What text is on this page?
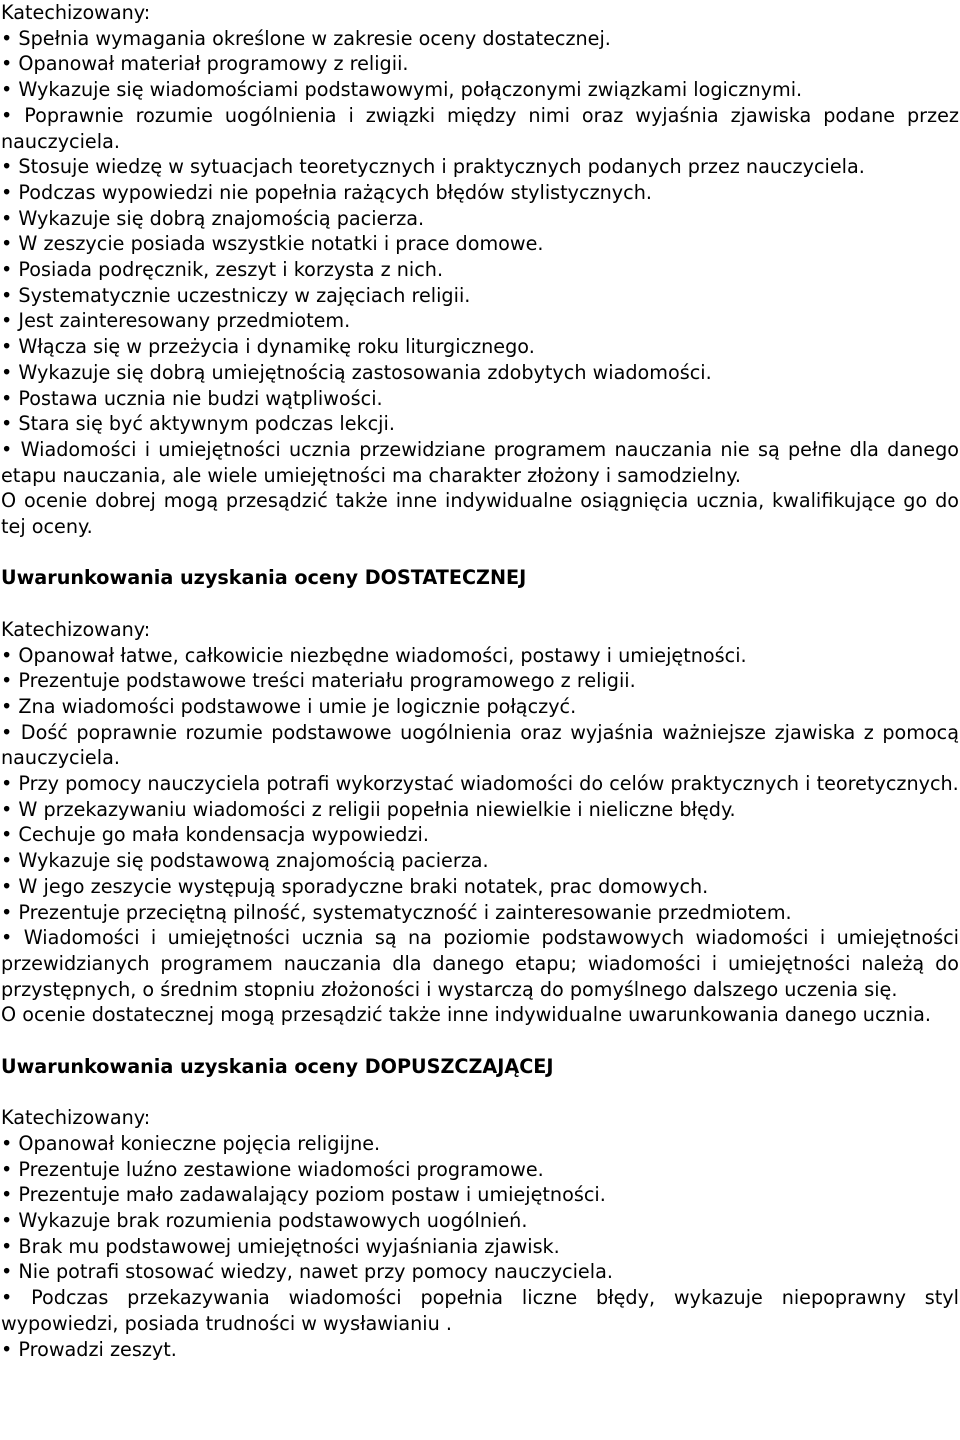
Katechizowany:

• Spełnia wymagania określone w zakresie oceny dostatecznej.

• Opanował materiał programowy z religii.

• Wykazuje się wiadomościami podstawowymi, połączonymi związkami logicznymi.

• Poprawnie rozumie uogólnienia i związki między nimi oraz wyjaśnia zjawiska podane przez nauczyciela.

• Stosuje wiedzę w sytuacjach teoretycznych i praktycznych podanych przez nauczyciela.

• Podczas wypowiedzi nie popełnia rażących błędów stylistycznych.

• Wykazuje się dobrą znajomością pacierza.

• W zeszycie posiada wszystkie notatki i prace domowe.

• Posiada podręcznik, zeszyt i korzysta z nich.

• Systematycznie uczestniczy w zajęciach religii.

• Jest zainteresowany przedmiotem.

• Włącza się w przeżycia i dynamikę roku liturgicznego.

• Wykazuje się dobrą umiejętnością zastosowania zdobytych wiadomości.

• Postawa ucznia nie budzi wątpliwości.

• Stara się być aktywnym podczas lekcji.

• Wiadomości i umiejętności ucznia przewidziane programem nauczania nie są pełne dla danego etapu nauczania, ale wiele umiejętności ma charakter złożony i samodzielny.

O ocenie dobrej mogą przesądzić także inne indywidualne osiągnięcia ucznia, kwalifikujące go do tej oceny.

Uwarunkowania uzyskania oceny DOSTATECZNEJ

Katechizowany:

• Opanował łatwe, całkowicie niezbędne wiadomości, postawy i umiejętności.

• Prezentuje podstawowe treści materiału programowego z religii.

• Zna wiadomości podstawowe i umie je logicznie połączyć.

• Dość poprawnie rozumie podstawowe uogólnienia oraz wyjaśnia ważniejsze zjawiska z pomocą nauczyciela.

• Przy pomocy nauczyciela potrafi wykorzystać wiadomości do celów praktycznych i teoretycznych.

• W przekazywaniu wiadomości z religii popełnia niewielkie i nieliczne błędy.

• Cechuje go mała kondensacja wypowiedzi.

• Wykazuje się podstawową znajomością pacierza.

• W jego zeszycie występują sporadyczne braki notatek, prac domowych.

• Prezentuje przeciętną pilność, systematyczność i zainteresowanie przedmiotem.

• Wiadomości i umiejętności ucznia są na poziomie podstawowych wiadomości i umiejętności przewidzianych programem nauczania dla danego etapu; wiadomości i umiejętności należą do przystępnych, o średnim stopniu złożoności i wystarczą do pomyślnego dalszego uczenia się.

O ocenie dostatecznej mogą przesądzić także inne indywidualne uwarunkowania danego ucznia.

Uwarunkowania uzyskania oceny DOPUSZCZAJĄCEJ

Katechizowany:

• Opanował konieczne pojęcia religijne.

• Prezentuje luźno zestawione wiadomości programowe.

• Prezentuje mało zadawalający poziom postaw i umiejętności.

• Wykazuje brak rozumienia podstawowych uogólnień.

• Brak mu podstawowej umiejętności wyjaśniania zjawisk.

• Nie potrafi stosować wiedzy, nawet przy pomocy nauczyciela.

• Podczas przekazywania wiadomości popełnia liczne błędy, wykazuje niepoprawny styl wypowiedzi, posiada trudności w wysławianiu .

• Prowadzi zeszyt.
